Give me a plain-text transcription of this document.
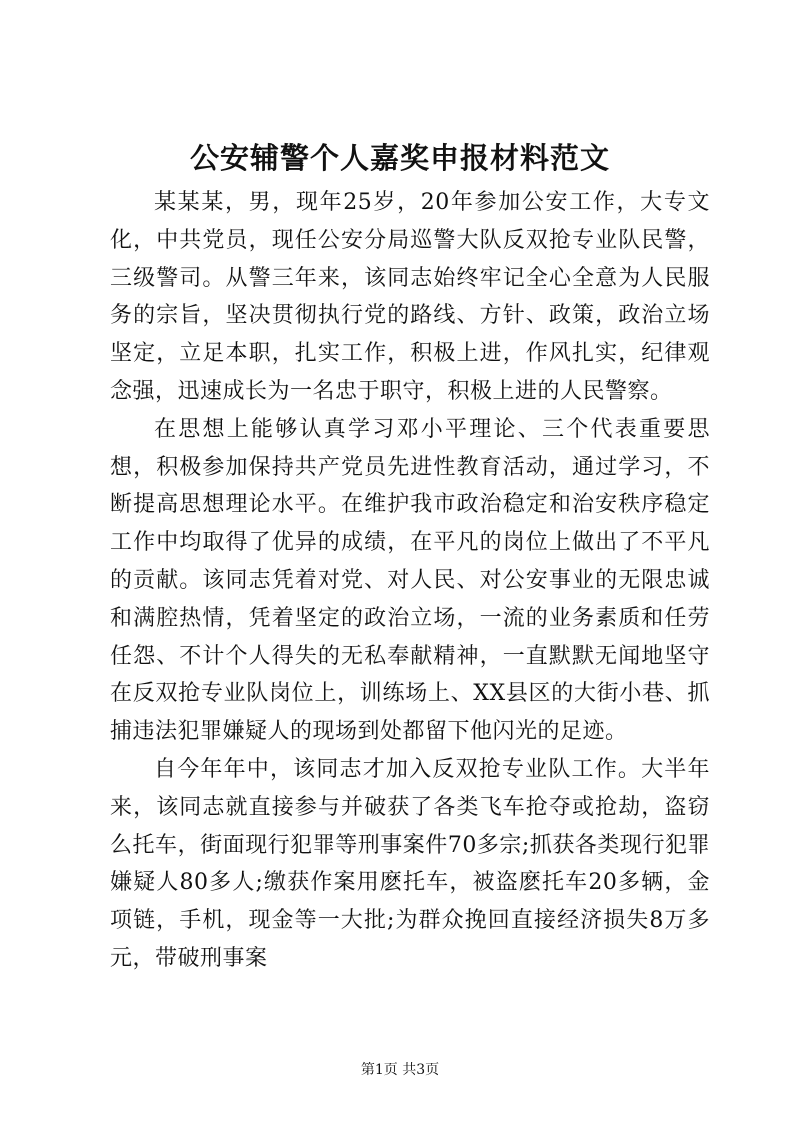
公安辅警个人嘉奖申报材料范文

某某某，男，现年25岁，20年参加公安工作，大专文化，中共党员，现任公安分局巡警大队反双抢专业队民警，三级警司。从警三年来，该同志始终牢记全心全意为人民服务的宗旨，坚决贯彻执行党的路线、方针、政策，政治立场坚定，立足本职，扎实工作，积极上进，作风扎实，纪律观念强，迅速成长为一名忠于职守，积极上进的人民警察。

在思想上能够认真学习邓小平理论、三个代表重要思想，积极参加保持共产党员先进性教育活动，通过学习，不断提高思想理论水平。在维护我市政治稳定和治安秩序稳定工作中均取得了优异的成绩，在平凡的岗位上做出了不平凡的贡献。该同志凭着对党、对人民、对公安事业的无限忠诚和满腔热情，凭着坚定的政治立场，一流的业务素质和任劳任怨、不计个人得失的无私奉献精神，一直默默无闻地坚守在反双抢专业队岗位上，训练场上、XX县区的大街小巷、抓捕违法犯罪嫌疑人的现场到处都留下他闪光的足迹。

自今年年中，该同志才加入反双抢专业队工作。大半年来，该同志就直接参与并破获了各类飞车抢夺或抢劫，盗窃么托车，街面现行犯罪等刑事案件70多宗;抓获各类现行犯罪嫌疑人80多人;缴获作案用麽托车，被盗麽托车20多辆，金项链，手机，现金等一大批;为群众挽回直接经济损失8万多元，带破刑事案

第1页 共3页
